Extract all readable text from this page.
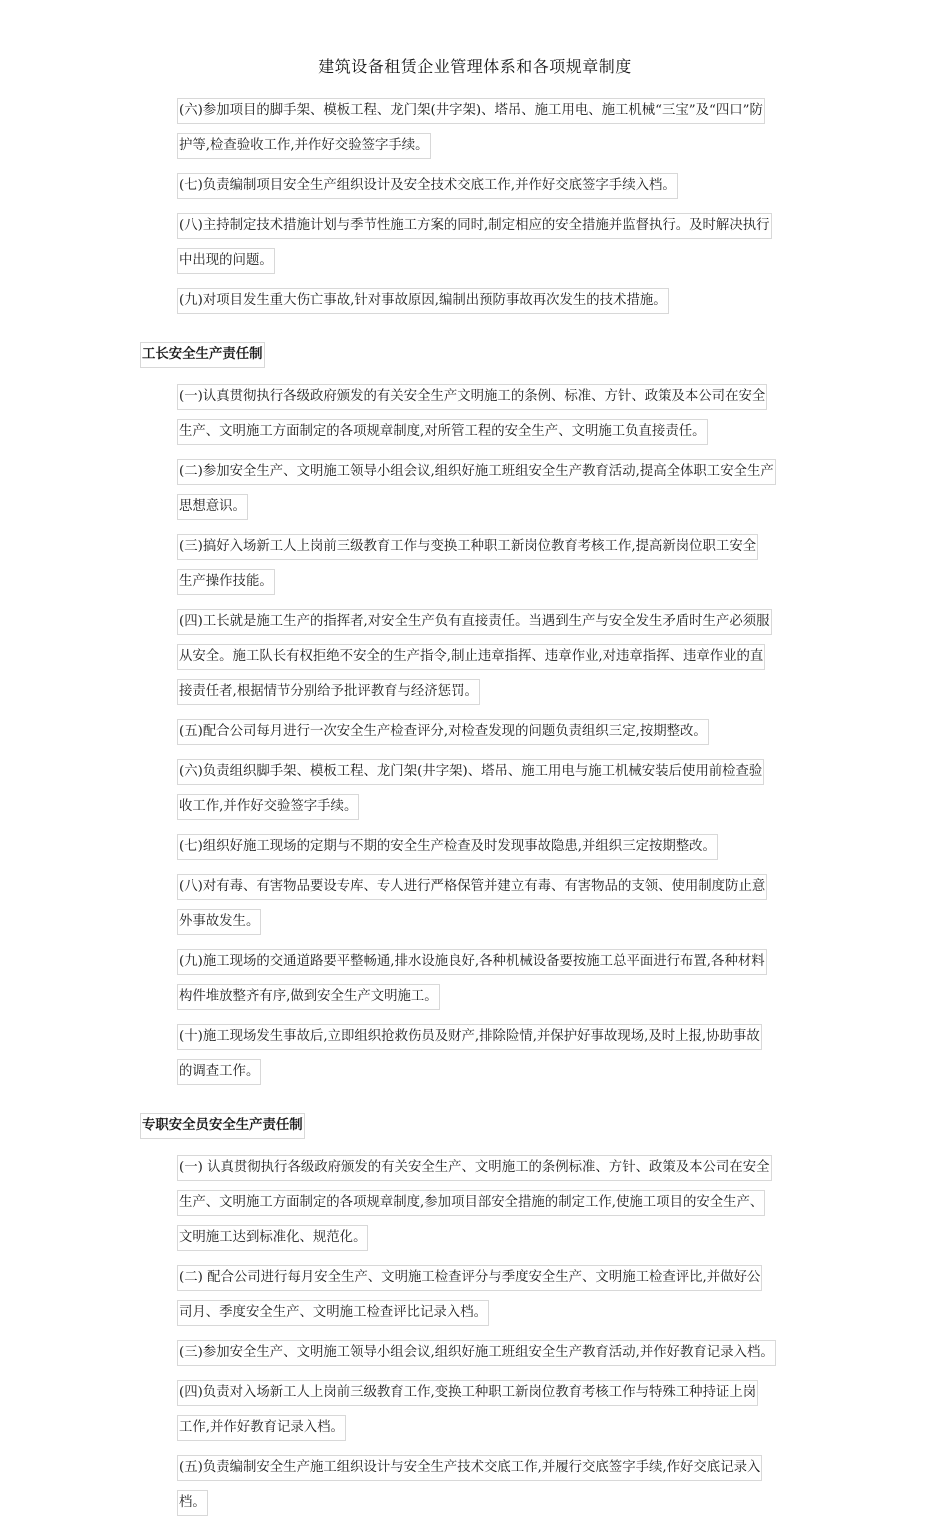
建筑设备租赁企业管理体系和各项规章制度
(六)参加项目的脚手架、模板工程、龙门架(井字架)、塔吊、施工用电、施工机械“三宝”及“四口”防
护等,检查验收工作,并作好交验签字手续。
(七)负责编制项目安全生产组织设计及安全技术交底工作,并作好交底签字手续入档。
(八)主持制定技术措施计划与季节性施工方案的同时,制定相应的安全措施并监督执行。及时解决执行
中出现的问题。
(九)对项目发生重大伤亡事故,针对事故原因,编制出预防事故再次发生的技术措施。
工长安全生产责任制
(一)认真贯彻执行各级政府颁发的有关安全生产文明施工的条例、标准、方针、政策及本公司在安全
生产、文明施工方面制定的各项规章制度,对所管工程的安全生产、文明施工负直接责任。
(二)参加安全生产、文明施工领导小组会议,组织好施工班组安全生产教育活动,提高全体职工安全生产
思想意识。
(三)搞好入场新工人上岗前三级教育工作与变换工种职工新岗位教育考核工作,提高新岗位职工安全
生产操作技能。
(四)工长就是施工生产的指挥者,对安全生产负有直接责任。当遇到生产与安全发生矛盾时生产必须服
从安全。施工队长有权拒绝不安全的生产指令,制止违章指挥、违章作业,对违章指挥、违章作业的直
接责任者,根据情节分别给予批评教育与经济惩罚。
(五)配合公司每月进行一次安全生产检查评分,对检查发现的问题负责组织三定,按期整改。
(六)负责组织脚手架、模板工程、龙门架(井字架)、塔吊、施工用电与施工机械安装后使用前检查验
收工作,并作好交验签字手续。
(七)组织好施工现场的定期与不期的安全生产检查及时发现事故隐患,并组织三定按期整改。
(八)对有毒、有害物品要设专库、专人进行严格保管并建立有毒、有害物品的支领、使用制度防止意
外事故发生。
(九)施工现场的交通道路要平整畅通,排水设施良好,各种机械设备要按施工总平面进行布置,各种材料
构件堆放整齐有序,做到安全生产文明施工。
(十)施工现场发生事故后,立即组织抢救伤员及财产,排除险情,并保护好事故现场,及时上报,协助事故
的调查工作。
专职安全员安全生产责任制
(一) 认真贯彻执行各级政府颁发的有关安全生产、文明施工的条例标准、方针、政策及本公司在安全
生产、文明施工方面制定的各项规章制度,参加项目部安全措施的制定工作,使施工项目的安全生产、
文明施工达到标准化、规范化。
(二) 配合公司进行每月安全生产、文明施工检查评分与季度安全生产、文明施工检查评比,并做好公
司月、季度安全生产、文明施工检查评比记录入档。
(三)参加安全生产、文明施工领导小组会议,组织好施工班组安全生产教育活动,并作好教育记录入档。
(四)负责对入场新工人上岗前三级教育工作,变换工种职工新岗位教育考核工作与特殊工种持证上岗
工作,并作好教育记录入档。
(五)负责编制安全生产施工组织设计与安全生产技术交底工作,并履行交底签字手续,作好交底记录入
档。
